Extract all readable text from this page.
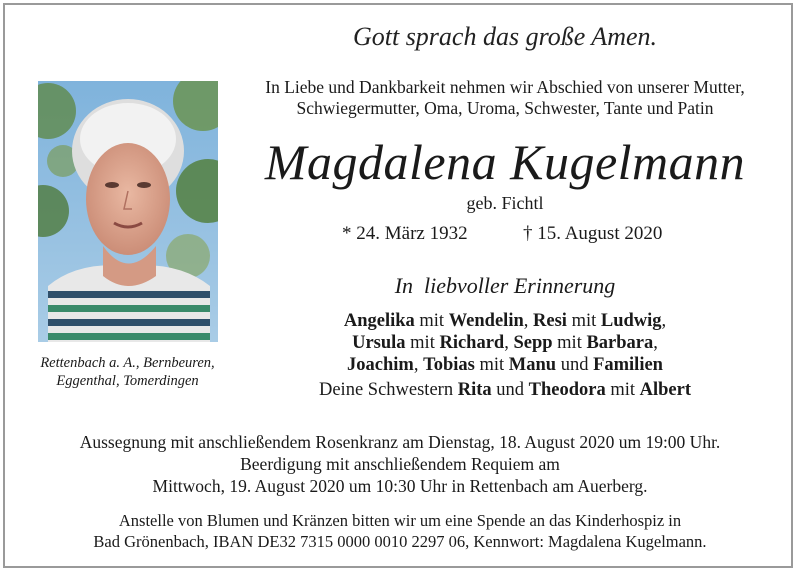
Gott sprach das große Amen.
In Liebe und Dankbarkeit nehmen wir Abschied von unserer Mutter,
Schwiegermutter, Oma, Uroma, Schwester, Tante und Patin
Rettenbach a. A., Bernbeuren,
Eggenthal, Tomerdingen
Magdalena Kugelmann
geb. Fichtl
* 24. März 1932	† 15. August 2020
In  liebvoller Erinnerung
Angelika mit Wendelin, Resi mit Ludwig,
Ursula mit Richard, Sepp mit Barbara,
Joachim, Tobias mit Manu und Familien
Deine Schwestern Rita und Theodora mit Albert
Aussegnung mit anschließendem Rosenkranz am Dienstag, 18. August 2020 um 19:00 Uhr.
Beerdigung mit anschließendem Requiem am
Mittwoch, 19. August 2020 um 10:30 Uhr in Rettenbach am Auerberg.
Anstelle von Blumen und Kränzen bitten wir um eine Spende an das Kinderhospiz in
Bad Grönenbach, IBAN DE32 7315 0000 0010 2297 06, Kennwort: Magdalena Kugelmann.
